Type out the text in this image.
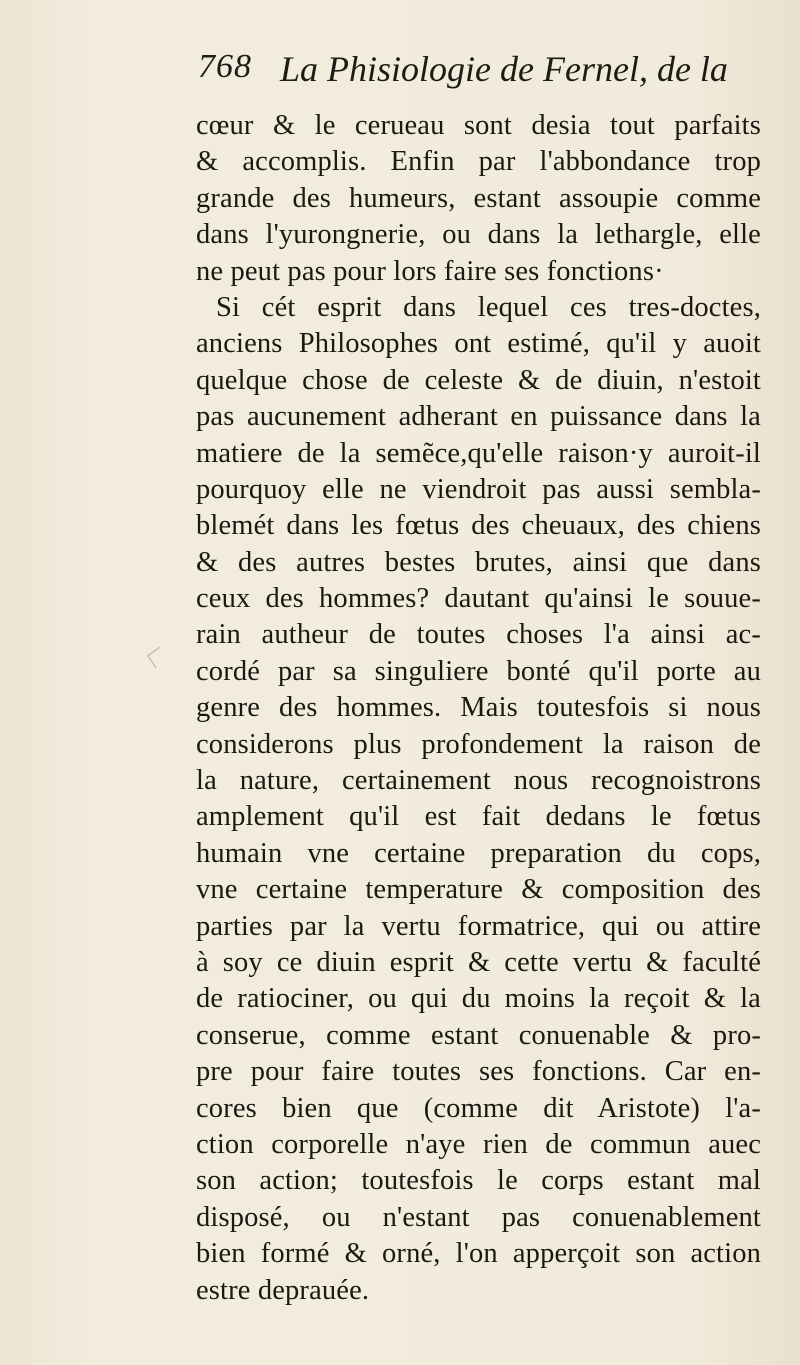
768 La Phisiologie de Fernel, de la
cœur & le cerueau sont desia tout parfaits
& accomplis. Enfin par l'abbondance trop
grande des humeurs, estant assoupie comme
dans l'yurongnerie, ou dans la lethargle, elle
ne peut pas pour lors faire ses fonctions·
Si cét esprit dans lequel ces tres-doctes,
anciens Philosophes ont estimé, qu'il y auoit
quelque chose de celeste & de diuin, n'estoit
pas aucunement adherant en puissance dans la
matiere de la semẽce,qu'elle raison·y auroit-il
pourquoy elle ne viendroit pas aussi sembla-
blemét dans les fœtus des cheuaux, des chiens
& des autres bestes brutes, ainsi que dans
ceux des hommes? dautant qu'ainsi le souue-
rain autheur de toutes choses l'a ainsi ac-
cordé par sa singuliere bonté qu'il porte au
genre des hommes. Mais toutesfois si nous
considerons plus profondement la raison de
la nature, certainement nous recognoistrons
amplement qu'il est fait dedans le fœtus
humain vne certaine preparation du cops,
vne certaine temperature & composition des
parties par la vertu formatrice, qui ou attire
à soy ce diuin esprit & cette vertu & faculté
de ratiociner, ou qui du moins la reçoit & la
conserue, comme estant conuenable & pro-
pre pour faire toutes ses fonctions. Car en-
cores bien que (comme dit Aristote) l'a-
ction corporelle n'aye rien de commun auec
son action; toutesfois le corps estant mal
disposé, ou n'estant pas conuenablement
bien formé & orné, l'on apperçoit son action
estre deprauée.
